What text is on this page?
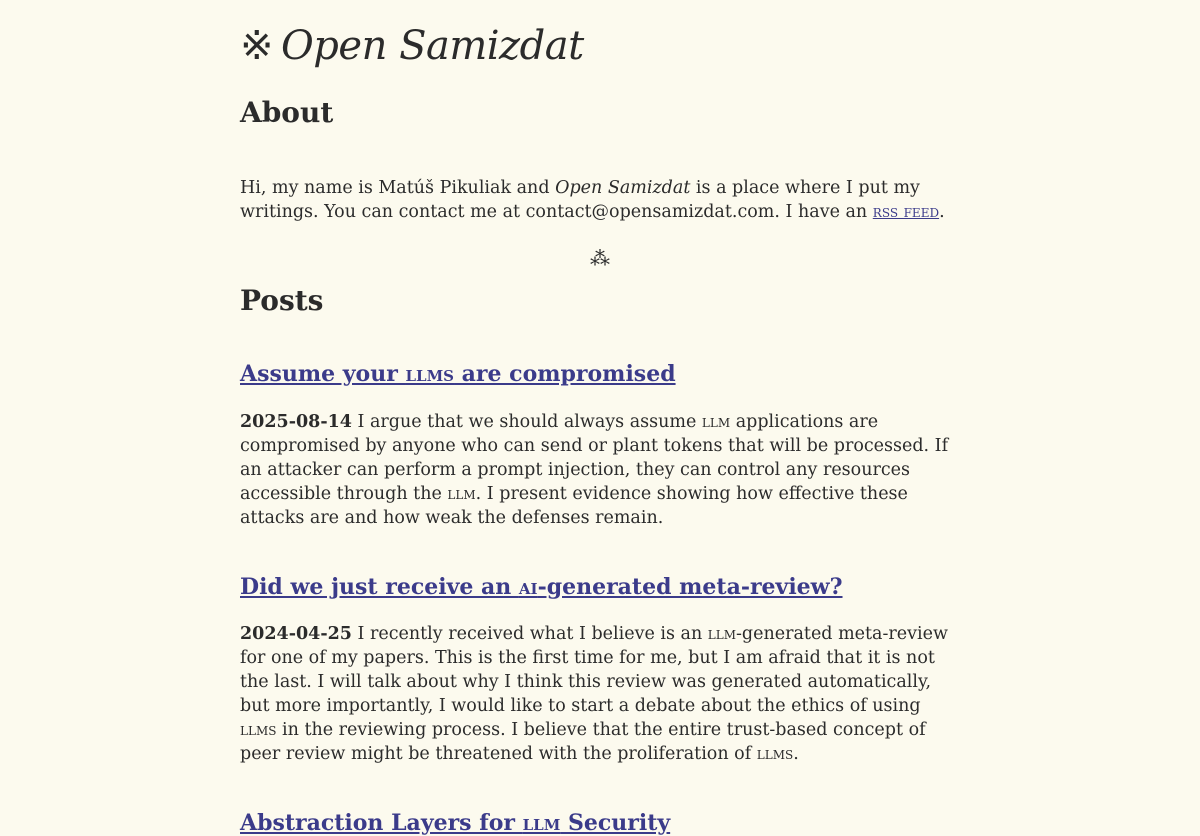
※ Open Samizdat
About

Hi, my name is Matúš Pikuliak and Open Samizdat is a place where I put my writings. You can contact me at contact@opensamizdat.com. I have an rss feed.

⁂
Posts
Assume your llms are compromised

2025-08-14 I argue that we should always assume llm applications are compromised by anyone who can send or plant tokens that will be processed. If an attacker can perform a prompt injection, they can control any resources accessible through the llm. I present evidence showing how effective these attacks are and how weak the defenses remain.

Did we just receive an ai-generated meta-review?

2024-04-25 I recently received what I believe is an llm-generated meta-review for one of my papers. This is the first time for me, but I am afraid that it is not the last. I will talk about why I think this review was generated automatically, but more importantly, I would like to start a debate about the ethics of using llms in the reviewing process. I believe that the entire trust-based concept of peer review might be threatened with the proliferation of llms.

Abstraction Layers for llm Security
